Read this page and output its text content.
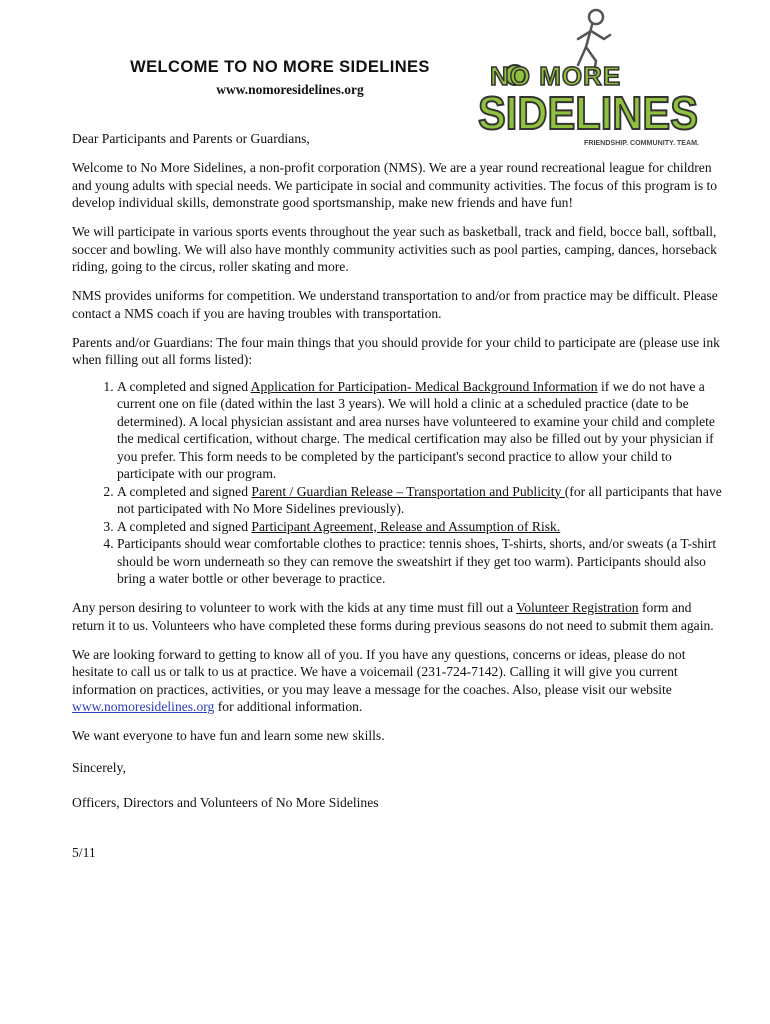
WELCOME TO NO MORE SIDELINES
www.nomoresidelines.org	NO MORE
SIDELINES
FRIENDSHIP. COMMUNITY. TEAM.

Dear Participants and Parents or Guardians,

Welcome to No More Sidelines, a non-profit corporation (NMS). We are a year round recreational league for children and young adults with special needs. We participate in social and community activities. The focus of this program is to develop individual skills, demonstrate good sportsmanship, make new friends and have fun!

We will participate in various sports events throughout the year such as basketball, track and field, bocce ball, softball, soccer and bowling. We will also have monthly community activities such as pool parties, camping, dances, horseback riding, going to the circus, roller skating and more.

NMS provides uniforms for competition. We understand transportation to and/or from practice may be difficult. Please contact a NMS coach if you are having troubles with transportation.

Parents and/or Guardians: The four main things that you should provide for your child to participate are (please use ink when filling out all forms listed):

1. A completed and signed Application for Participation- Medical Background Information if we do not have a current one on file (dated within the last 3 years). We will hold a clinic at a scheduled practice (date to be determined). A local physician assistant and area nurses have volunteered to examine your child and complete the medical certification, without charge. The medical certification may also be filled out by your physician if you prefer. This form needs to be completed by the participant's second practice to allow your child to participate with our program.
2. A completed and signed Parent / Guardian Release – Transportation and Publicity (for all participants that have not participated with No More Sidelines previously).
3. A completed and signed Participant Agreement, Release and Assumption of Risk.
4. Participants should wear comfortable clothes to practice: tennis shoes, T-shirts, shorts, and/or sweats (a T-shirt should be worn underneath so they can remove the sweatshirt if they get too warm). Participants should also bring a water bottle or other beverage to practice.

Any person desiring to volunteer to work with the kids at any time must fill out a Volunteer Registration form and return it to us. Volunteers who have completed these forms during previous seasons do not need to submit them again.

We are looking forward to getting to know all of you. If you have any questions, concerns or ideas, please do not hesitate to call us or talk to us at practice. We have a voicemail (231-724-7142). Calling it will give you current information on practices, activities, or you may leave a message for the coaches. Also, please visit our website www.nomoresidelines.org for additional information.

We want everyone to have fun and learn some new skills.

Sincerely,

Officers, Directors and Volunteers of No More Sidelines

5/11
